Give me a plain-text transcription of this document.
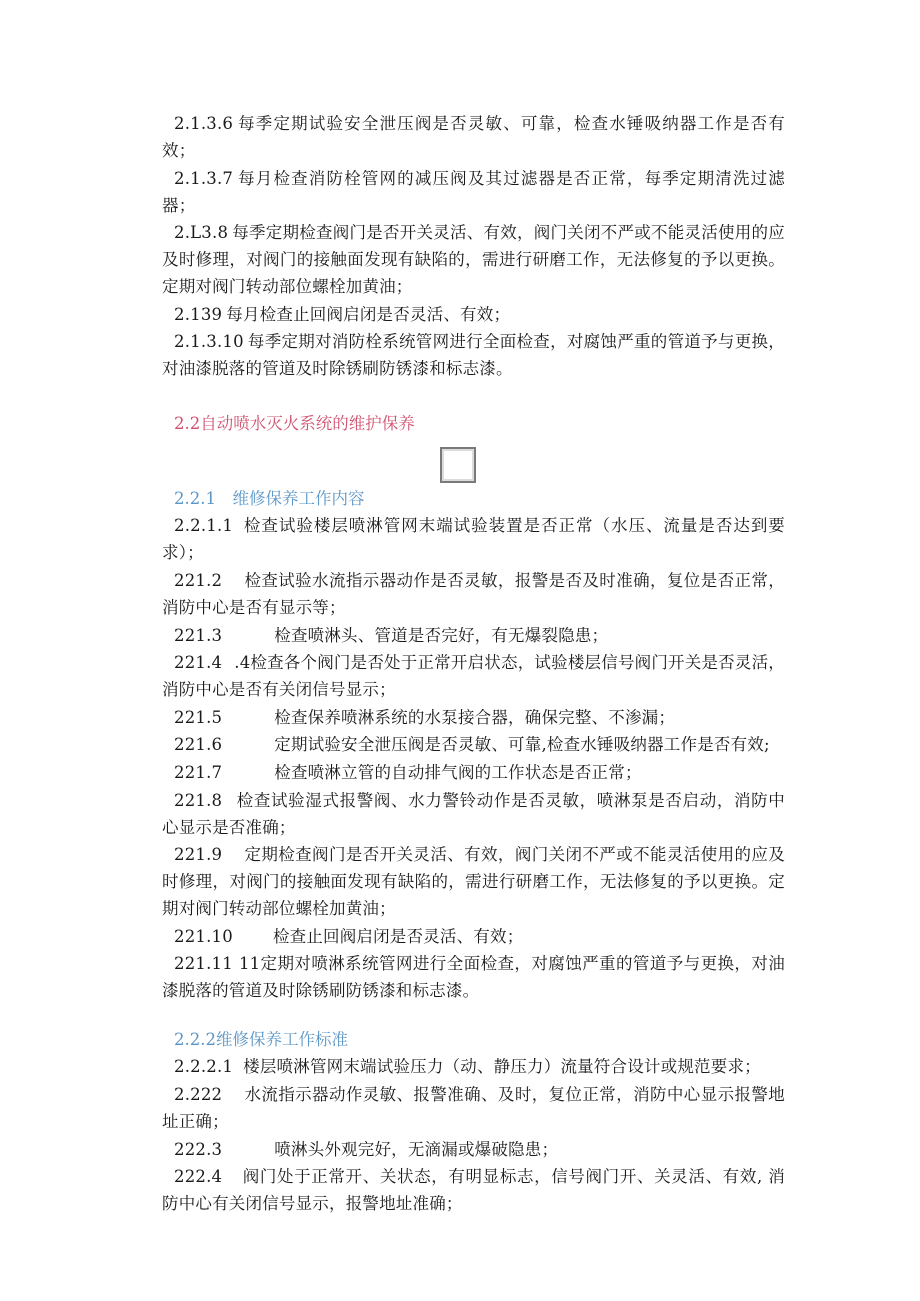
2.1.3.6 每季定期试验安全泄压阀是否灵敏、可靠，检查水锤吸纳器工作是否有效；

2.1.3.7 每月检查消防栓管网的减压阀及其过滤器是否正常，每季定期清洗过滤器；

2.L3.8 每季定期检查阀门是否开关灵活、有效，阀门关闭不严或不能灵活使用的应及时修理，对阀门的接触面发现有缺陷的，需进行研磨工作，无法修复的予以更换。定期对阀门转动部位螺栓加黄油；

2.139 每月检查止回阀启闭是否灵活、有效；

2.1.3.10 每季定期对消防栓系统管网进行全面检查，对腐蚀严重的管道予与更换，对油漆脱落的管道及时除锈刷防锈漆和标志漆。

2.2自动喷水灭火系统的维护保养
2.2.1　维修保养工作内容

2.2.1.1 检查试验楼层喷淋管网末端试验装置是否正常（水压、流量是否达到要求）；

221.2 检查试验水流指示器动作是否灵敏，报警是否及时准确，复位是否正常，消防中心是否有显示等；

221.3	检查喷淋头、管道是否完好，有无爆裂隐患；

221.4 .4检查各个阀门是否处于正常开启状态，试验楼层信号阀门开关是否灵活，消防中心是否有关闭信号显示；

221.5	检查保养喷淋系统的水泵接合器，确保完整、不渗漏；

221.6	定期试验安全泄压阀是否灵敏、可靠,检查水锤吸纳器工作是否有效;

221.7	检查喷淋立管的自动排气阀的工作状态是否正常；

221.8 检查试验湿式报警阀、水力警铃动作是否灵敏，喷淋泵是否启动，消防中心显示是否准确；

221.9 定期检查阀门是否开关灵活、有效，阀门关闭不严或不能灵活使用的应及时修理，对阀门的接触面发现有缺陷的，需进行研磨工作，无法修复的予以更换。定期对阀门转动部位螺栓加黄油；

221.10 检查止回阀启闭是否灵活、有效；

221.11 11定期对喷淋系统管网进行全面检查，对腐蚀严重的管道予与更换，对油漆脱落的管道及时除锈刷防锈漆和标志漆。

2.2.2维修保养工作标准

2.2.2.1 楼层喷淋管网末端试验压力（动、静压力）流量符合设计或规范要求；

2.222 水流指示器动作灵敏、报警准确、及时，复位正常，消防中心显示报警地址正确；

222.3	喷淋头外观完好，无滴漏或爆破隐患；

222.4 阀门处于正常开、关状态，有明显标志，信号阀门开、关灵活、有效, 消防中心有关闭信号显示，报警地址准确；
